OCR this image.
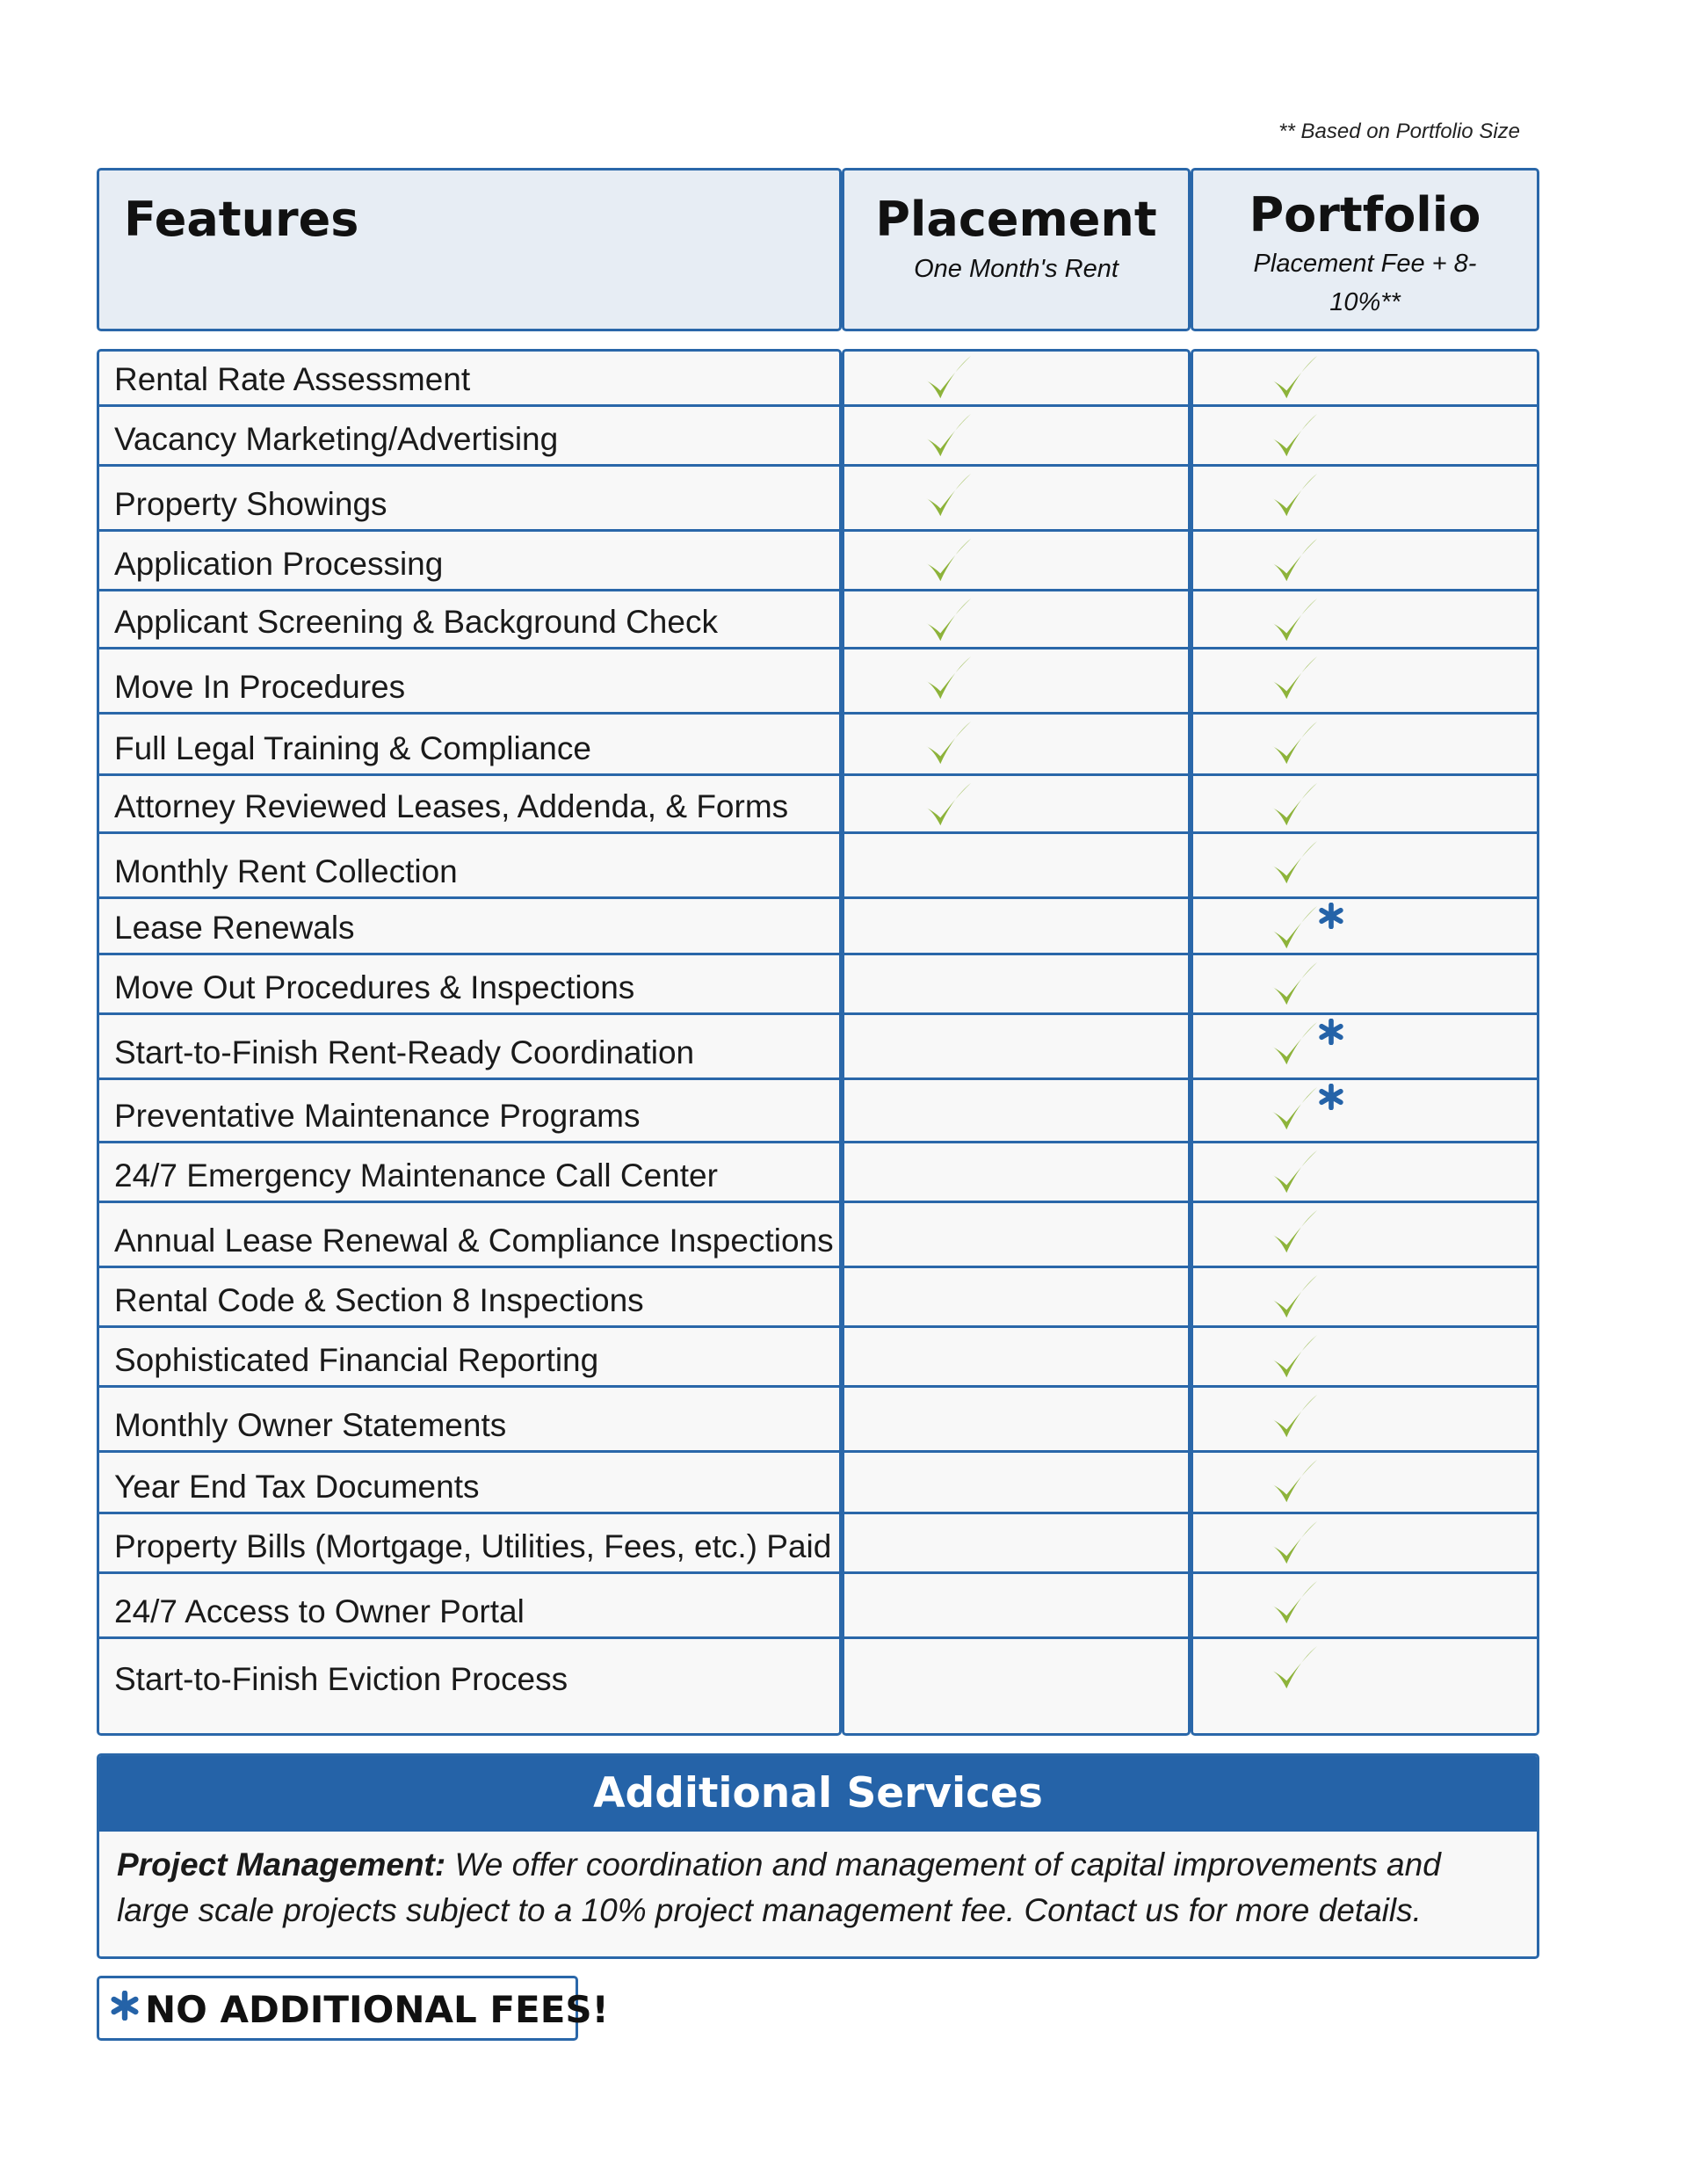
** Based on Portfolio Size
Features	Placement
One Month's Rent
Portfolio
Placement Fee + 8-10%**
Rental Rate Assessment
Vacancy Marketing/Advertising
Property Showings
Application Processing
Applicant Screening & Background Check
Move In Procedures
Full Legal Training & Compliance
Attorney Reviewed Leases, Addenda, & Forms
Monthly Rent Collection
Lease Renewals
Move Out Procedures & Inspections
Start-to-Finish Rent-Ready Coordination
Preventative Maintenance Programs
24/7 Emergency Maintenance Call Center
Annual Lease Renewal & Compliance Inspections
Rental Code & Section 8 Inspections
Sophisticated Financial Reporting
Monthly Owner Statements
Year End Tax Documents
Property Bills (Mortgage, Utilities, Fees, etc.) Paid
24/7 Access to Owner Portal
Start-to-Finish Eviction Process
Additional Services
Project Management: We offer coordination and management of capital improvements and large scale projects subject to a 10% project management fee. Contact us for more details.
NO ADDITIONAL FEES!
